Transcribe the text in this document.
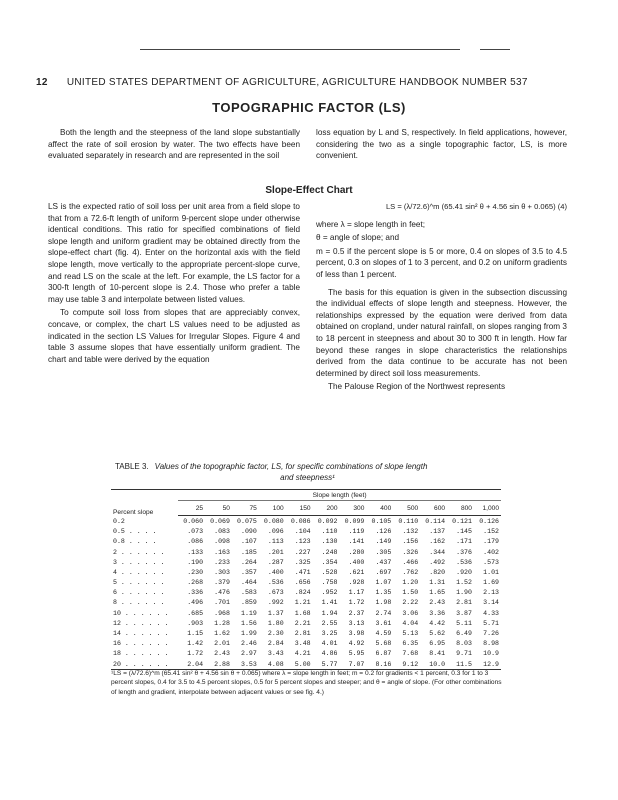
12 UNITED STATES DEPARTMENT OF AGRICULTURE, AGRICULTURE HANDBOOK NUMBER 537
TOPOGRAPHIC FACTOR (LS)

Both the length and the steepness of the land slope substantially affect the rate of soil erosion by water. The two effects have been evaluated separately in research and are represented in the soil

loss equation by L and S, respectively. In field applications, however, considering the two as a single topographic factor, LS, is more convenient.

Slope-Effect Chart

LS is the expected ratio of soil loss per unit area from a field slope to that from a 72.6-ft length of uniform 9-percent slope under otherwise identical conditions. This ratio for specified combinations of field slope length and uniform gradient may be obtained directly from the slope-effect chart (fig. 4). Enter on the horizontal axis with the field slope length, move vertically to the appropriate percent-slope curve, and read LS on the scale at the left. For example, the LS factor for a 300-ft length of 10-percent slope is 2.4. Those who prefer a table may use table 3 and interpolate between listed values.

To compute soil loss from slopes that are appreciably convex, concave, or complex, the chart LS values need to be adjusted as indicated in the section LS Values for Irregular Slopes. Figure 4 and table 3 assume slopes that have essentially uniform gradient. The chart and table were derived by the equation

LS = (λ/72.6)^m (65.41 sin² θ + 4.56 sin θ + 0.065) (4)

where λ = slope length in feet;

θ = angle of slope; and

m = 0.5 if the percent slope is 5 or more, 0.4 on slopes of 3.5 to 4.5 percent, 0.3 on slopes of 1 to 3 percent, and 0.2 on uniform gradients of less than 1 percent.

The basis for this equation is given in the subsection discussing the individual effects of slope length and steepness. However, the relationships expressed by the equation were derived from data obtained on cropland, under natural rainfall, on slopes ranging from 3 to 18 percent in steepness and about 30 to 300 ft in length. How far beyond these ranges in slope characteristics the relationships derived from the data continue to be accurate has not been determined by direct soil loss measurements.

The Palouse Region of the Northwest represents

TABLE 3. Values of the topographic factor, LS, for specific combinations of slope length
and steepness¹
Percent slope	Slope length (feet)											
	25	50	75	100	150	200	300	400	500	600	800	1,000
0.2	0.060	0.069	0.075	0.080	0.086	0.092	0.099	0.105	0.110	0.114	0.121	0.126
0.5 . . . .	.073	.083	.090	.096	.104	.110	.119	.126	.132	.137	.145	.152
0.8 . . . .	.086	.098	.107	.113	.123	.130	.141	.149	.156	.162	.171	.179
2 . . . . . .	.133	.163	.185	.201	.227	.248	.280	.305	.326	.344	.376	.402
3 . . . . . .	.190	.233	.264	.287	.325	.354	.400	.437	.466	.492	.536	.573
4 . . . . . .	.230	.303	.357	.400	.471	.528	.621	.697	.762	.820	.920	1.01
5 . . . . . .	.268	.379	.464	.536	.656	.758	.928	1.07	1.20	1.31	1.52	1.69
6 . . . . . .	.336	.476	.583	.673	.824	.952	1.17	1.35	1.50	1.65	1.90	2.13
8 . . . . . .	.496	.701	.859	.992	1.21	1.41	1.72	1.98	2.22	2.43	2.81	3.14
10 . . . . . .	.685	.968	1.19	1.37	1.68	1.94	2.37	2.74	3.06	3.36	3.87	4.33
12 . . . . . .	.903	1.28	1.56	1.80	2.21	2.55	3.13	3.61	4.04	4.42	5.11	5.71
14 . . . . . .	1.15	1.62	1.99	2.30	2.81	3.25	3.98	4.59	5.13	5.62	6.49	7.26
16 . . . . . .	1.42	2.01	2.46	2.84	3.48	4.01	4.92	5.68	6.35	6.95	8.03	8.98
18 . . . . . .	1.72	2.43	2.97	3.43	4.21	4.86	5.95	6.87	7.68	8.41	9.71	10.9
20 . . . . . .	2.04	2.88	3.53	4.08	5.00	5.77	7.07	8.16	9.12	10.0	11.5	12.9
¹LS = (λ/72.6)^m (65.41 sin² θ + 4.56 sin θ + 0.065) where λ = slope length in feet; m = 0.2 for gradients < 1 percent, 0.3 for 1 to 3 percent slopes, 0.4 for 3.5 to 4.5 percent slopes, 0.5 for 5 percent slopes and steeper; and θ = angle of slope. (For other combinations of length and gradient, interpolate between adjacent values or see fig. 4.)
